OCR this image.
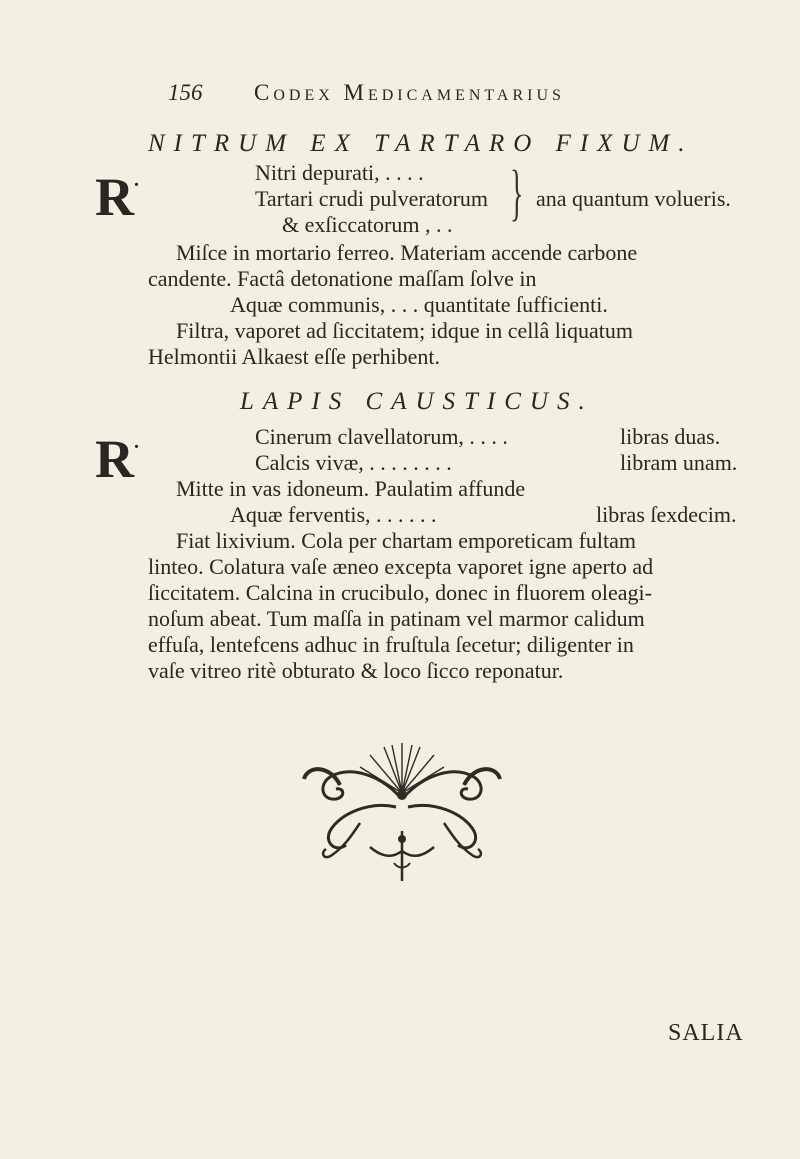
156 Codex Medicamentarius
NITRUM EX TARTARO FIXUM.
R.	Nitri depurati, . . . .
Tartari crudi pulveratorum
& exſiccatorum , . . } ana quantum volueris.
Miſce in mortario ferreo. Materiam accende carbone
candente. Factâ detonatione maſſam ſolve in
Aquæ communis, . . . quantitate ſufficienti.
Filtra, vaporet ad ſiccitatem; idque in cellâ liquatum
Helmontii Alkaest eſſe perhibent.
LAPIS CAUSTICUS.
R.	Cinerum clavellatorum, . . . .	libras duas.
Calcis vivæ, . . . . . . . .	libram unam.
Mitte in vas idoneum. Paulatim affunde
Aquæ ferventis, . . . . . .	libras ſexdecim.
Fiat lixivium. Cola per chartam emporeticam fultam
linteo. Colatura vaſe æneo excepta vaporet igne aperto ad
ſiccitatem. Calcina in crucibulo, donec in fluorem oleagi-
noſum abeat. Tum maſſa in patinam vel marmor calidum
effuſa, lentefcens adhuc in fruſtula ſecetur; diligenter in
vaſe vitreo ritè obturato & loco ſicco reponatur.
SALIA
